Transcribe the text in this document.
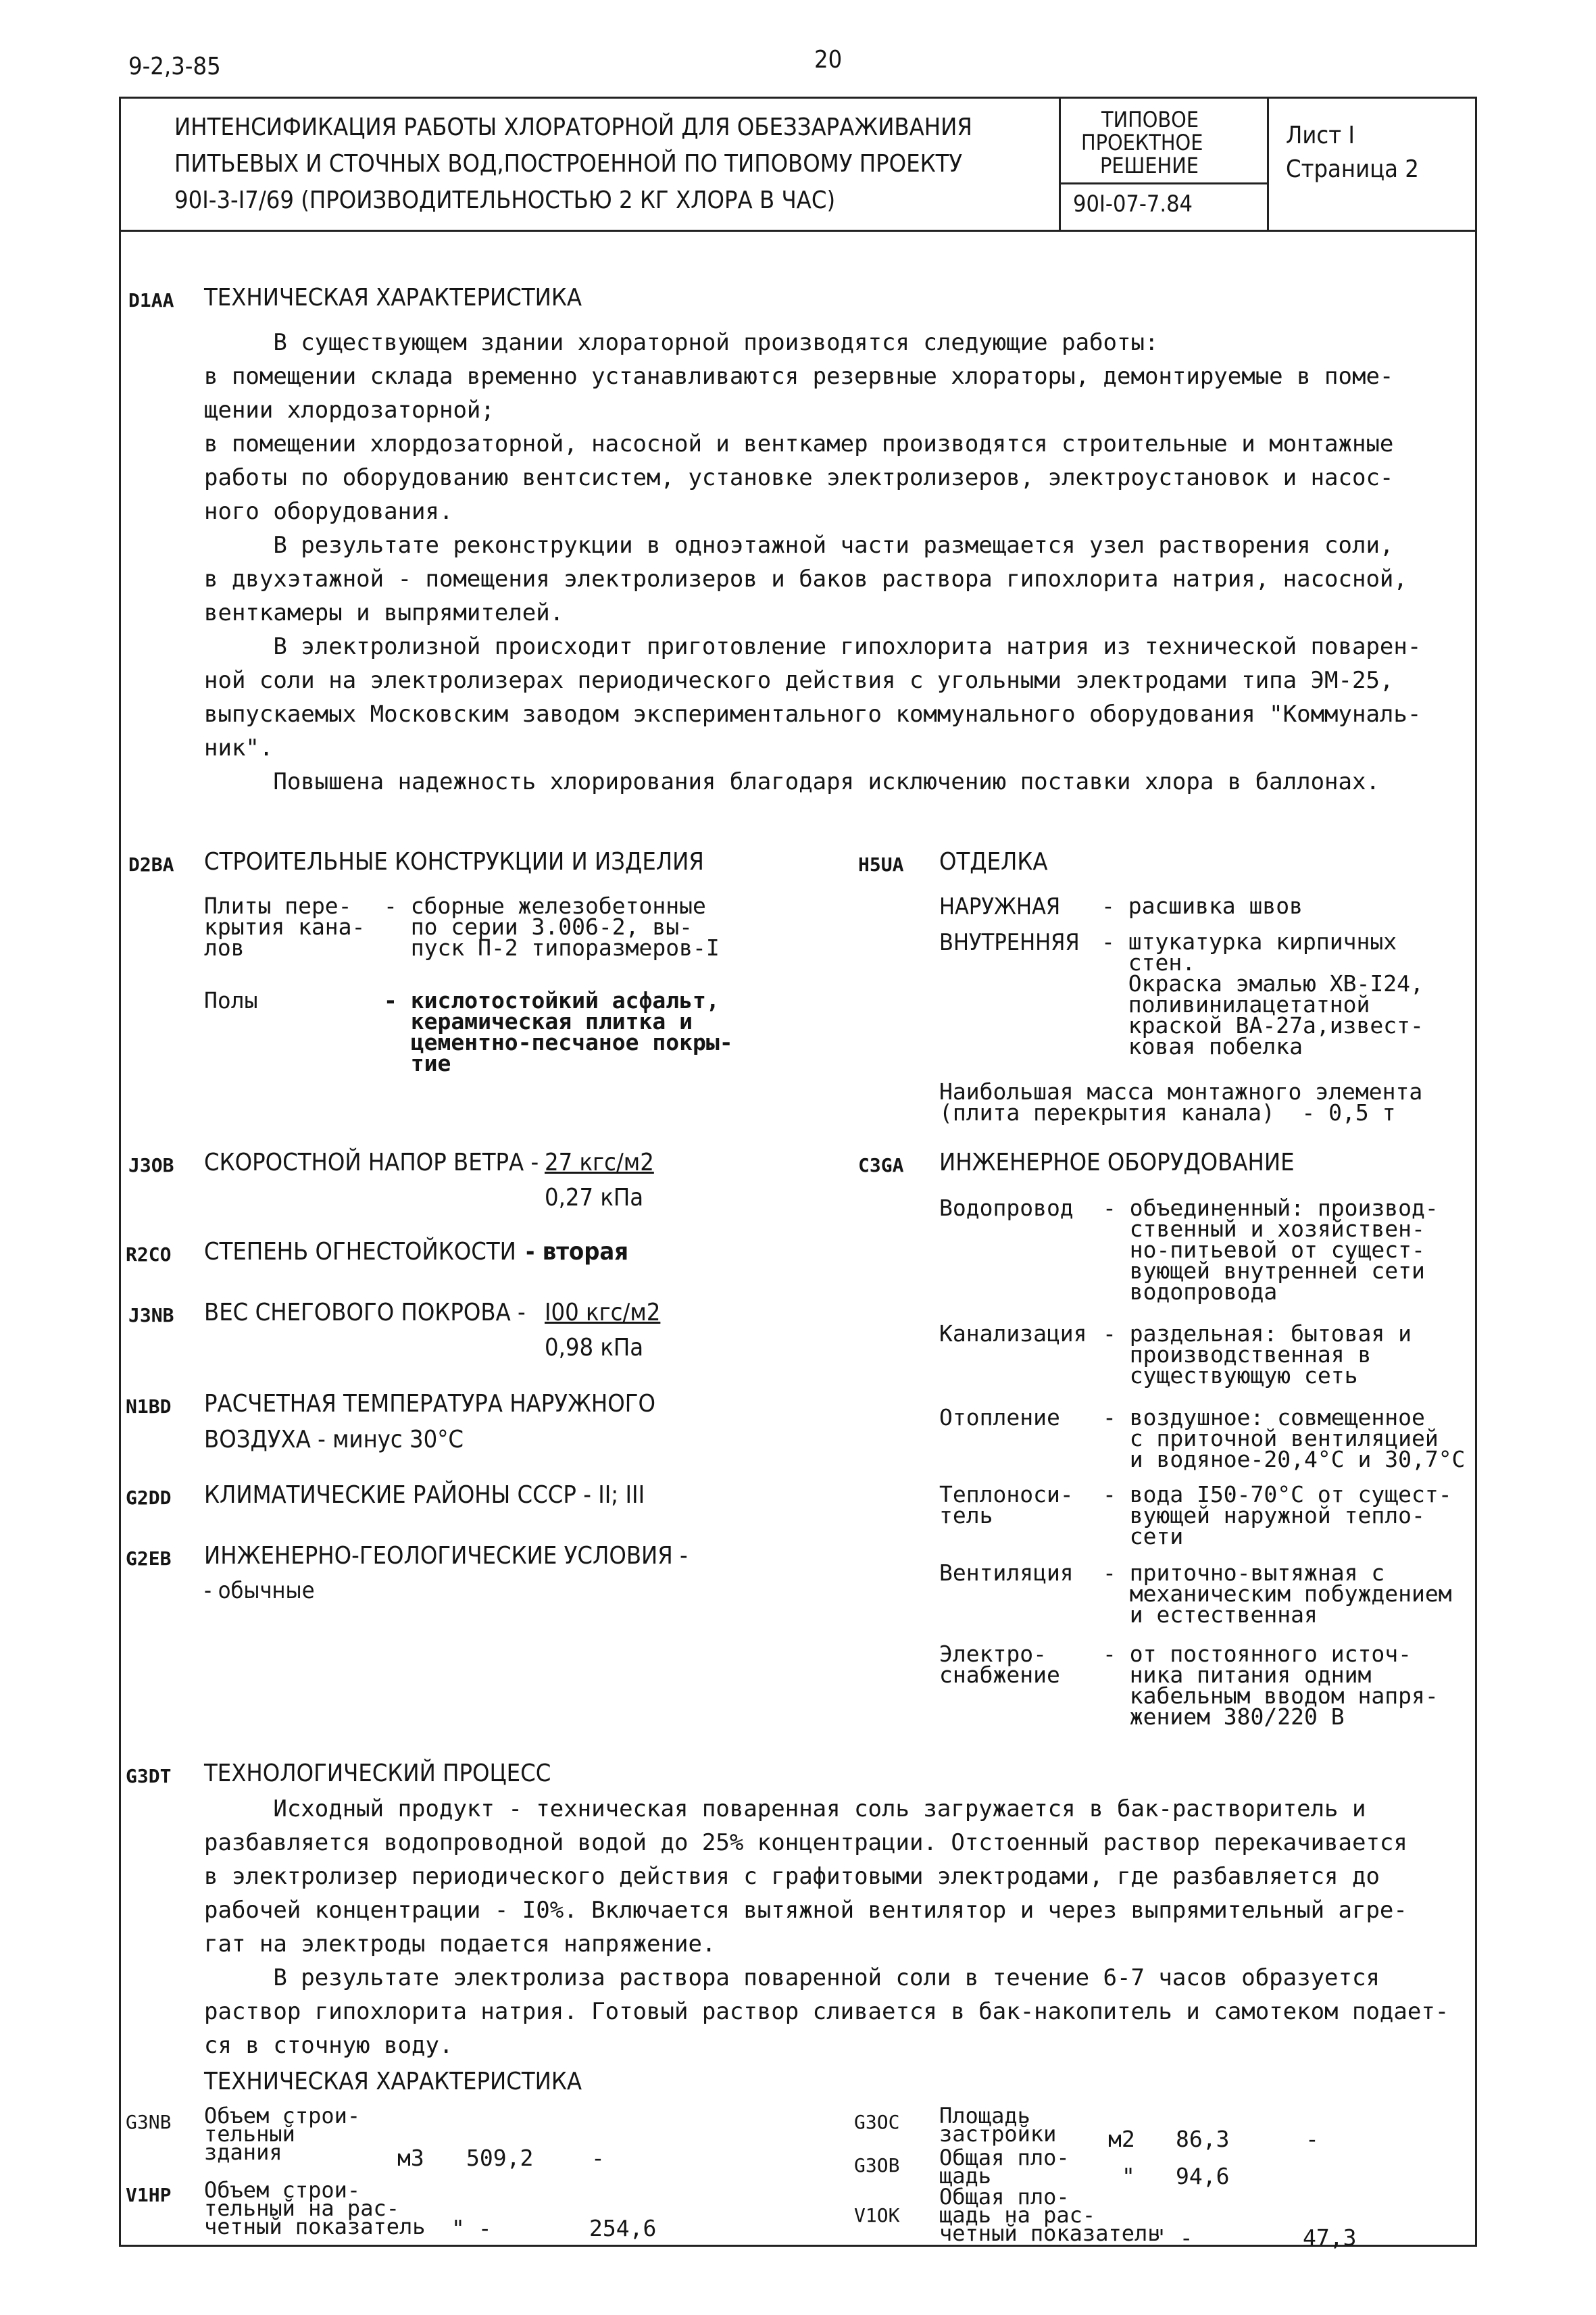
9-2,3-85	20
ИНТЕНСИФИКАЦИЯ РАБОТЫ ХЛОРАТОРНОЙ ДЛЯ ОБЕЗЗАРАЖИВАНИЯ
ПИТЬЕВЫХ И СТОЧНЫХ ВОД,ПОСТРОЕННОЙ ПО ТИПОВОМУ ПРОЕКТУ
90I-3-I7/69 (ПРОИЗВОДИТЕЛЬНОСТЬЮ 2 КГ ХЛОРА В ЧАС)
ТИПОВОЕ
ПРОЕКТНОЕ
РЕШЕНИЕ
90I-07-7.84
Лист I
Страница 2
D1AA ТЕХНИЧЕСКАЯ ХАРАКТЕРИСТИКА
В существующем здании хлораторной производятся следующие работы:
в помещении склада временно устанавливаются резервные хлораторы, демонтируемые в поме-
щении хлордозаторной;
в помещении хлордозаторной, насосной и венткамер производятся строительные и монтажные
работы по оборудованию вентсистем, установке электролизеров, электроустановок и насос-
ного оборудования.
В результате реконструкции в одноэтажной части размещается узел растворения соли,
в двухэтажной - помещения электролизеров и баков раствора гипохлорита натрия, насосной,
венткамеры и выпрямителей.
В электролизной происходит приготовление гипохлорита натрия из технической поварен-
ной соли на электролизерах периодического действия с угольными электродами типа ЭМ-25,
выпускаемых Московским заводом экспериментального коммунального оборудования "Коммуналь-
ник".
Повышена надежность хлорирования благодаря исключению поставки хлора в баллонах.
D2BA СТРОИТЕЛЬНЫЕ КОНСТРУКЦИИ И ИЗДЕЛИЯ
Плиты пере-
крытия кана-
лов
- сборные железобетонные
по серии 3.006-2, вы-
пуск П-2 типоразмеров-I
Полы	- кислотостойкий асфальт,
керамическая плитка и
цементно-песчаное покры-
тие
H5UA ОТДЕЛКА
НАРУЖНАЯ - расшивка швов
ВНУТРЕННЯЯ - штукатурка кирпичных
стен.
Окраска эмалью ХВ-I24,
поливинилацетатной
краской ВА-27а,извест-
ковая побелка
Наибольшая масса монтажного элемента
(плита перекрытия канала)  - 0,5 т
J3OB СКОРОСТНОЙ НАПОР ВЕТРА - 27 кгс/м2
0,27 кПа
R2CO СТЕПЕНЬ ОГНЕСТОЙКОСТИ - вторая
J3NB ВЕС СНЕГОВОГО ПОКРОВА - I00 кгс/м2
0,98 кПа
N1BD РАСЧЕТНАЯ ТЕМПЕРАТУРА НАРУЖНОГО
ВОЗДУХА - минус 30°С
G2DD КЛИМАТИЧЕСКИЕ РАЙОНЫ СССР - II; III
G2EB ИНЖЕНЕРНО-ГЕОЛОГИЧЕСКИЕ УСЛОВИЯ -
- обычные
C3GA ИНЖЕНЕРНОЕ ОБОРУДОВАНИЕ
Водопровод - объединенный: производ-
ственный и хозяйствен-
но-питьевой от сущест-
вующей внутренней сети
водопровода
Канализация - раздельная: бытовая и
производственная в
существующую сеть
Отопление - воздушное: совмещенное
с приточной вентиляцией
и водяное-20,4°С и 30,7°С
Теплоноси-
тель
- вода I50-70°С от сущест-
вующей наружной тепло-
сети
Вентиляция - приточно-вытяжная с
механическим побуждением
и естественная
Электро-
снабжение
- от постоянного источ-
ника питания одним
кабельным вводом напря-
жением 380/220 В
G3DT ТЕХНОЛОГИЧЕСКИЙ ПРОЦЕСС
Исходный продукт - техническая поваренная соль загружается в бак-растворитель и
разбавляется водопроводной водой до 25% концентрации. Отстоенный раствор перекачивается
в электролизер периодического действия с графитовыми электродами, где разбавляется до
рабочей концентрации - I0%. Включается вытяжной вентилятор и через выпрямительный агре-
гат на электроды подается напряжение.
В результате электролиза раствора поваренной соли в течение 6-7 часов образуется
раствор гипохлорита натрия. Готовый раствор сливается в бак-накопитель и самотеком подает-
ся в сточную воду.
ТЕХНИЧЕСКАЯ ХАРАКТЕРИСТИКА
G3NB Объем строи-
тельный
здания	м3 509,2	-
V1HP Объем строи-
тельный на рас-
четный показатель " -	254,6
G3OC Площадь
застройки м2 86,3	-
G3OB Общая пло-
щадь	" 94,6
V1OK
Общая пло-
щадь на рас-
четный показатель
" -	47,3
